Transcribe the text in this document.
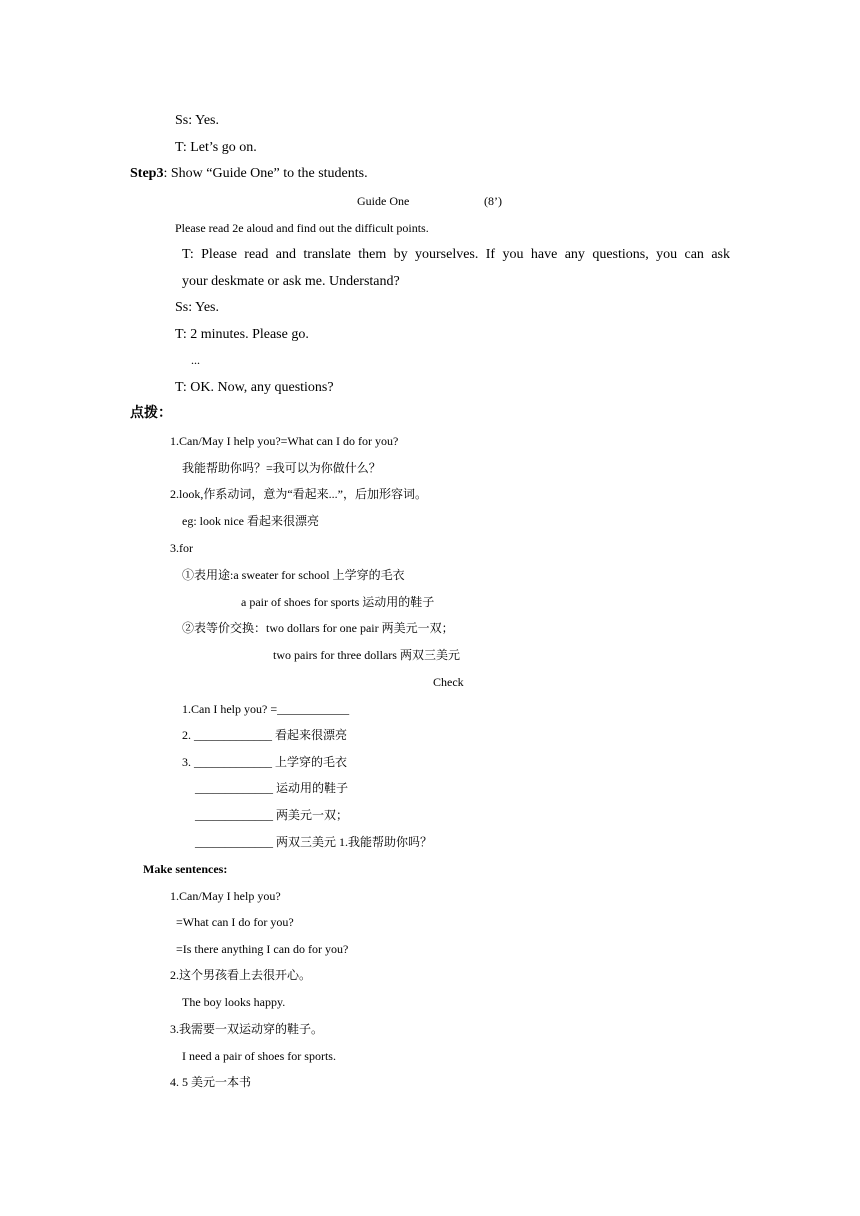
Ss: Yes.
T: Let’s go on.
Step3: Show “Guide One” to the students.
Guide One	(8’)
Please read 2e aloud and find out the difficult points.
T: Please read and translate them by yourselves. If you have any questions, you can ask
your deskmate or ask me. Understand?
Ss: Yes.
T: 2 minutes. Please go.
...
T: OK. Now, any questions?
点拨：
1.Can/May I help you?=What can I do for you?
我能帮助你吗？=我可以为你做什么？
2.look,作系动词，意为“看起来...”，后加形容词。
eg: look nice 看起来很漂亮
3.for
①表用途:a sweater for school 上学穿的毛衣
a pair of shoes for sports 运动用的鞋子
②表等价交换：two dollars for one pair 两美元一双；
two pairs for three dollars 两双三美元
Check
1.Can I help you? =____________
2. _____________ 看起来很漂亮
3. _____________ 上学穿的毛衣
_____________ 运动用的鞋子
_____________ 两美元一双；
_____________ 两双三美元 1.我能帮助你吗？
Make sentences:
1.Can/May I help you?
=What can I do for you?
=Is there anything I can do for you?
2.这个男孩看上去很开心。
The boy looks happy.
3.我需要一双运动穿的鞋子。
I need a pair of shoes for sports.
4. 5 美元一本书
